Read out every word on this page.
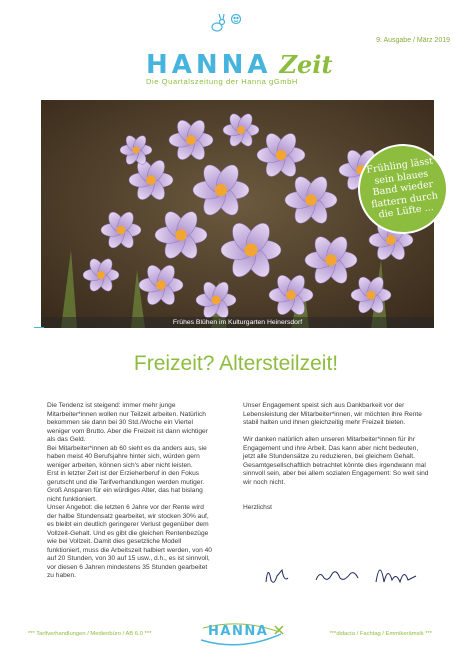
9. Ausgabe / März 2019
HANNA Zeit
Die Quartalszeitung der Hanna gGmbH
Frühes Blühen im Kulturgarten Heinersdorf
Frühling lässt sein blaues Band wieder flattern durch die Lüfte ...
Freizeit? Altersteilzeit!

Die Tendenz ist steigend: immer mehr junge Mitarbeiter*innen wollen nur Teilzeit arbeiten. Natürlich bekommen sie dann bei 30 Std./Woche ein Viertel weniger vom Brutto. Aber die Freizeit ist dann wichtiger als das Geld.

Bei Mitarbeiter*innen ab 60 sieht es da anders aus, sie haben meist 40 Berufsjahre hinter sich, würden gern weniger arbeiten, können sich's aber nicht leisten.

Erst in letzter Zeit ist der Erzieherberuf in den Fokus gerutscht und die Tarifverhandlungen werden mutiger. Groß Ansparen für ein würdiges Alter, das hat bislang nicht funktioniert.

Unser Angebot: die letzten 6 Jahre vor der Rente wird der halbe Stundensatz gearbeitet, wir stocken 30% auf, es bleibt ein deutlich geringerer Verlust gegenüber dem Vollzeit-Gehalt. Und es gibt die gleichen Rentenbezüge wie bei Vollzeit. Damit dies gesetzliche Modell funktioniert, muss die Arbeitszeit halbiert werden, von 40 auf 20 Stunden, von 30 auf 15 usw., d.h., es ist sinnvoll, vor diesen 6 Jahren mindestens 35 Stunden gearbeitet zu haben.

Unser Engagement speist sich aus Dankbarkeit vor der Lebensleistung der Mitarbeiter*innen, wir möchten ihre Rente stabil halten und ihnen gleichzeitig mehr Freizeit bieten.

Wir danken natürlich allen unseren Mitarbeiter*innen für ihr Engagement und ihre Arbeit. Das kann aber nicht bedeuten, jetzt alle Stundensätze zu reduzieren, bei gleichem Gehalt. Gesamtgesellschaftlich betrachtet könnte dies irgendwann mal sinnvoll sein, aber bei allem sozialen Engagement: So weit sind wir noch nicht.

Herzlichst

*** Tarifverhandlungen / Medienbüro / AB 6.0 ***	HANNA	***didacta / Fachtag / Emmikerämsik ***
